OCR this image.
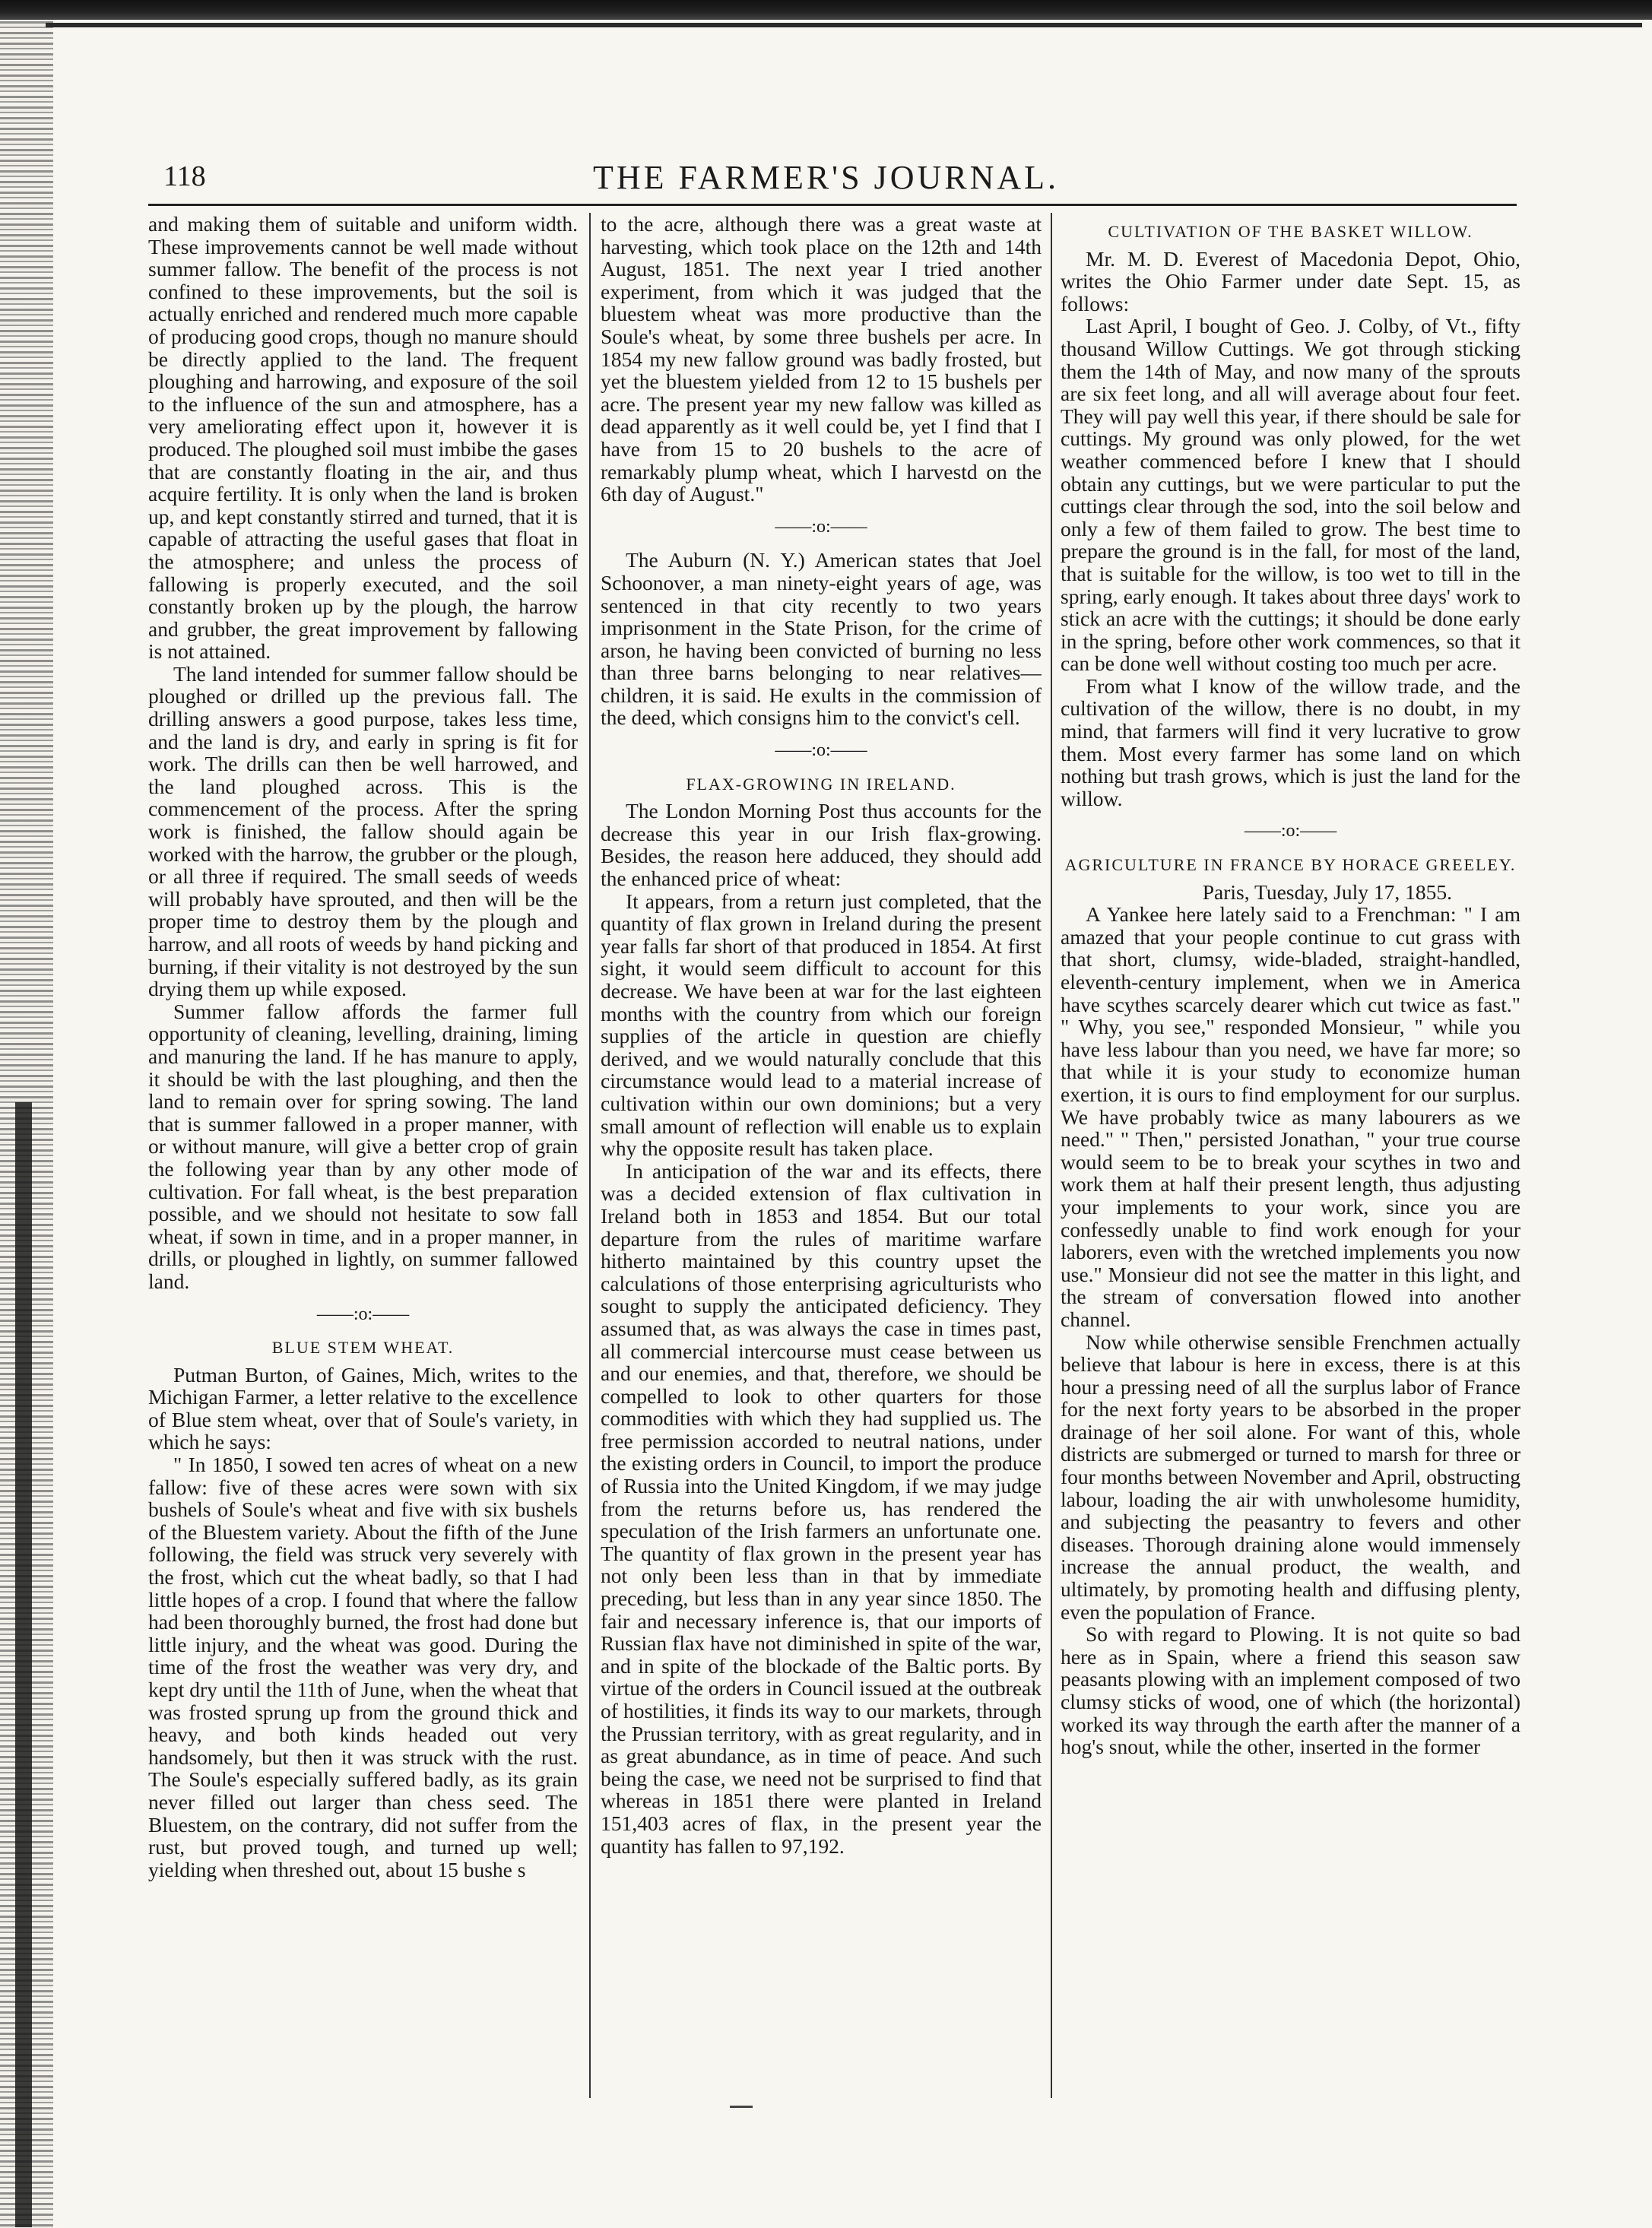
118	THE FARMER'S JOURNAL.

and making them of suitable and uniform width. These improvements cannot be well made without summer fallow. The benefit of the process is not confined to these improvements, but the soil is actually enriched and rendered much more capable of producing good crops, though no manure should be directly applied to the land. The frequent ploughing and harrowing, and exposure of the soil to the influence of the sun and atmosphere, has a very ameliorating effect upon it, however it is produced. The ploughed soil must imbibe the gases that are constantly floating in the air, and thus acquire fertility. It is only when the land is broken up, and kept constantly stirred and turned, that it is capable of attracting the useful gases that float in the atmosphere; and unless the process of fallowing is properly executed, and the soil constantly broken up by the plough, the harrow and grubber, the great improvement by fallowing is not attained.

The land intended for summer fallow should be ploughed or drilled up the previous fall. The drilling answers a good purpose, takes less time, and the land is dry, and early in spring is fit for work. The drills can then be well harrowed, and the land ploughed across. This is the commencement of the process. After the spring work is finished, the fallow should again be worked with the harrow, the grubber or the plough, or all three if required. The small seeds of weeds will probably have sprouted, and then will be the proper time to destroy them by the plough and harrow, and all roots of weeds by hand picking and burning, if their vitality is not destroyed by the sun drying them up while exposed.

Summer fallow affords the farmer full opportunity of cleaning, levelling, draining, liming and manuring the land. If he has manure to apply, it should be with the last ploughing, and then the land to remain over for spring sowing. The land that is summer fallowed in a proper manner, with or without manure, will give a better crop of grain the following year than by any other mode of cultivation. For fall wheat, is the best preparation possible, and we should not hesitate to sow fall wheat, if sown in time, and in a proper manner, in drills, or ploughed in lightly, on summer fallowed land.

——:o:——
BLUE STEM WHEAT.

Putman Burton, of Gaines, Mich, writes to the Michigan Farmer, a letter relative to the excellence of Blue stem wheat, over that of Soule's variety, in which he says:

" In 1850, I sowed ten acres of wheat on a new fallow: five of these acres were sown with six bushels of Soule's wheat and five with six bushels of the Bluestem variety. About the fifth of the June following, the field was struck very severely with the frost, which cut the wheat badly, so that I had little hopes of a crop. I found that where the fallow had been thoroughly burned, the frost had done but little injury, and the wheat was good. During the time of the frost the weather was very dry, and kept dry until the 11th of June, when the wheat that was frosted sprung up from the ground thick and heavy, and both kinds headed out very handsomely, but then it was struck with the rust. The Soule's especially suffered badly, as its grain never filled out larger than chess seed. The Bluestem, on the contrary, did not suffer from the rust, but proved tough, and turned up well; yielding when threshed out, about 15 bushe s

to the acre, although there was a great waste at harvesting, which took place on the 12th and 14th August, 1851. The next year I tried another experiment, from which it was judged that the bluestem wheat was more productive than the Soule's wheat, by some three bushels per acre. In 1854 my new fallow ground was badly frosted, but yet the bluestem yielded from 12 to 15 bushels per acre. The present year my new fallow was killed as dead apparently as it well could be, yet I find that I have from 15 to 20 bushels to the acre of remarkably plump wheat, which I harvestd on the 6th day of August."

——:o:——

The Auburn (N. Y.) American states that Joel Schoonover, a man ninety-eight years of age, was sentenced in that city recently to two years imprisonment in the State Prison, for the crime of arson, he having been convicted of burning no less than three barns belonging to near relatives—children, it is said. He exults in the commission of the deed, which consigns him to the convict's cell.

——:o:——
FLAX-GROWING IN IRELAND.

The London Morning Post thus accounts for the decrease this year in our Irish flax-growing. Besides, the reason here adduced, they should add the enhanced price of wheat:

It appears, from a return just completed, that the quantity of flax grown in Ireland during the present year falls far short of that produced in 1854. At first sight, it would seem difficult to account for this decrease. We have been at war for the last eighteen months with the country from which our foreign supplies of the article in question are chiefly derived, and we would naturally conclude that this circumstance would lead to a material increase of cultivation within our own dominions; but a very small amount of reflection will enable us to explain why the opposite result has taken place.

In anticipation of the war and its effects, there was a decided extension of flax cultivation in Ireland both in 1853 and 1854. But our total departure from the rules of maritime warfare hitherto maintained by this country upset the calculations of those enterprising agriculturists who sought to supply the anticipated deficiency. They assumed that, as was always the case in times past, all commercial intercourse must cease between us and our enemies, and that, therefore, we should be compelled to look to other quarters for those commodities with which they had supplied us. The free permission accorded to neutral nations, under the existing orders in Council, to import the produce of Russia into the United Kingdom, if we may judge from the returns before us, has rendered the speculation of the Irish farmers an unfortunate one. The quantity of flax grown in the present year has not only been less than in that by immediate preceding, but less than in any year since 1850. The fair and necessary inference is, that our imports of Russian flax have not diminished in spite of the war, and in spite of the blockade of the Baltic ports. By virtue of the orders in Council issued at the outbreak of hostilities, it finds its way to our markets, through the Prussian territory, with as great regularity, and in as great abundance, as in time of peace. And such being the case, we need not be surprised to find that whereas in 1851 there were planted in Ireland 151,403 acres of flax, in the present year the quantity has fallen to 97,192.

CULTIVATION OF THE BASKET WILLOW.

Mr. M. D. Everest of Macedonia Depot, Ohio, writes the Ohio Farmer under date Sept. 15, as follows:

Last April, I bought of Geo. J. Colby, of Vt., fifty thousand Willow Cuttings. We got through sticking them the 14th of May, and now many of the sprouts are six feet long, and all will average about four feet. They will pay well this year, if there should be sale for cuttings. My ground was only plowed, for the wet weather commenced before I knew that I should obtain any cuttings, but we were particular to put the cuttings clear through the sod, into the soil below and only a few of them failed to grow. The best time to prepare the ground is in the fall, for most of the land, that is suitable for the willow, is too wet to till in the spring, early enough. It takes about three days' work to stick an acre with the cuttings; it should be done early in the spring, before other work commences, so that it can be done well without costing too much per acre.

From what I know of the willow trade, and the cultivation of the willow, there is no doubt, in my mind, that farmers will find it very lucrative to grow them. Most every farmer has some land on which nothing but trash grows, which is just the land for the willow.

——:o:——
AGRICULTURE IN FRANCE BY HORACE GREELEY.
Paris, Tuesday, July 17, 1855.

A Yankee here lately said to a Frenchman: " I am amazed that your people continue to cut grass with that short, clumsy, wide-bladed, straight-handled, eleventh-century implement, when we in America have scythes scarcely dearer which cut twice as fast." " Why, you see," responded Monsieur, " while you have less labour than you need, we have far more; so that while it is your study to economize human exertion, it is ours to find employment for our surplus. We have probably twice as many labourers as we need." " Then," persisted Jonathan, " your true course would seem to be to break your scythes in two and work them at half their present length, thus adjusting your implements to your work, since you are confessedly unable to find work enough for your laborers, even with the wretched implements you now use." Monsieur did not see the matter in this light, and the stream of conversation flowed into another channel.

Now while otherwise sensible Frenchmen actually believe that labour is here in excess, there is at this hour a pressing need of all the surplus labor of France for the next forty years to be absorbed in the proper drainage of her soil alone. For want of this, whole districts are submerged or turned to marsh for three or four months between November and April, obstructing labour, loading the air with unwholesome humidity, and subjecting the peasantry to fevers and other diseases. Thorough draining alone would immensely increase the annual product, the wealth, and ultimately, by promoting health and diffusing plenty, even the population of France.

So with regard to Plowing. It is not quite so bad here as in Spain, where a friend this season saw peasants plowing with an implement composed of two clumsy sticks of wood, one of which (the horizontal) worked its way through the earth after the manner of a hog's snout, while the other, inserted in the former
